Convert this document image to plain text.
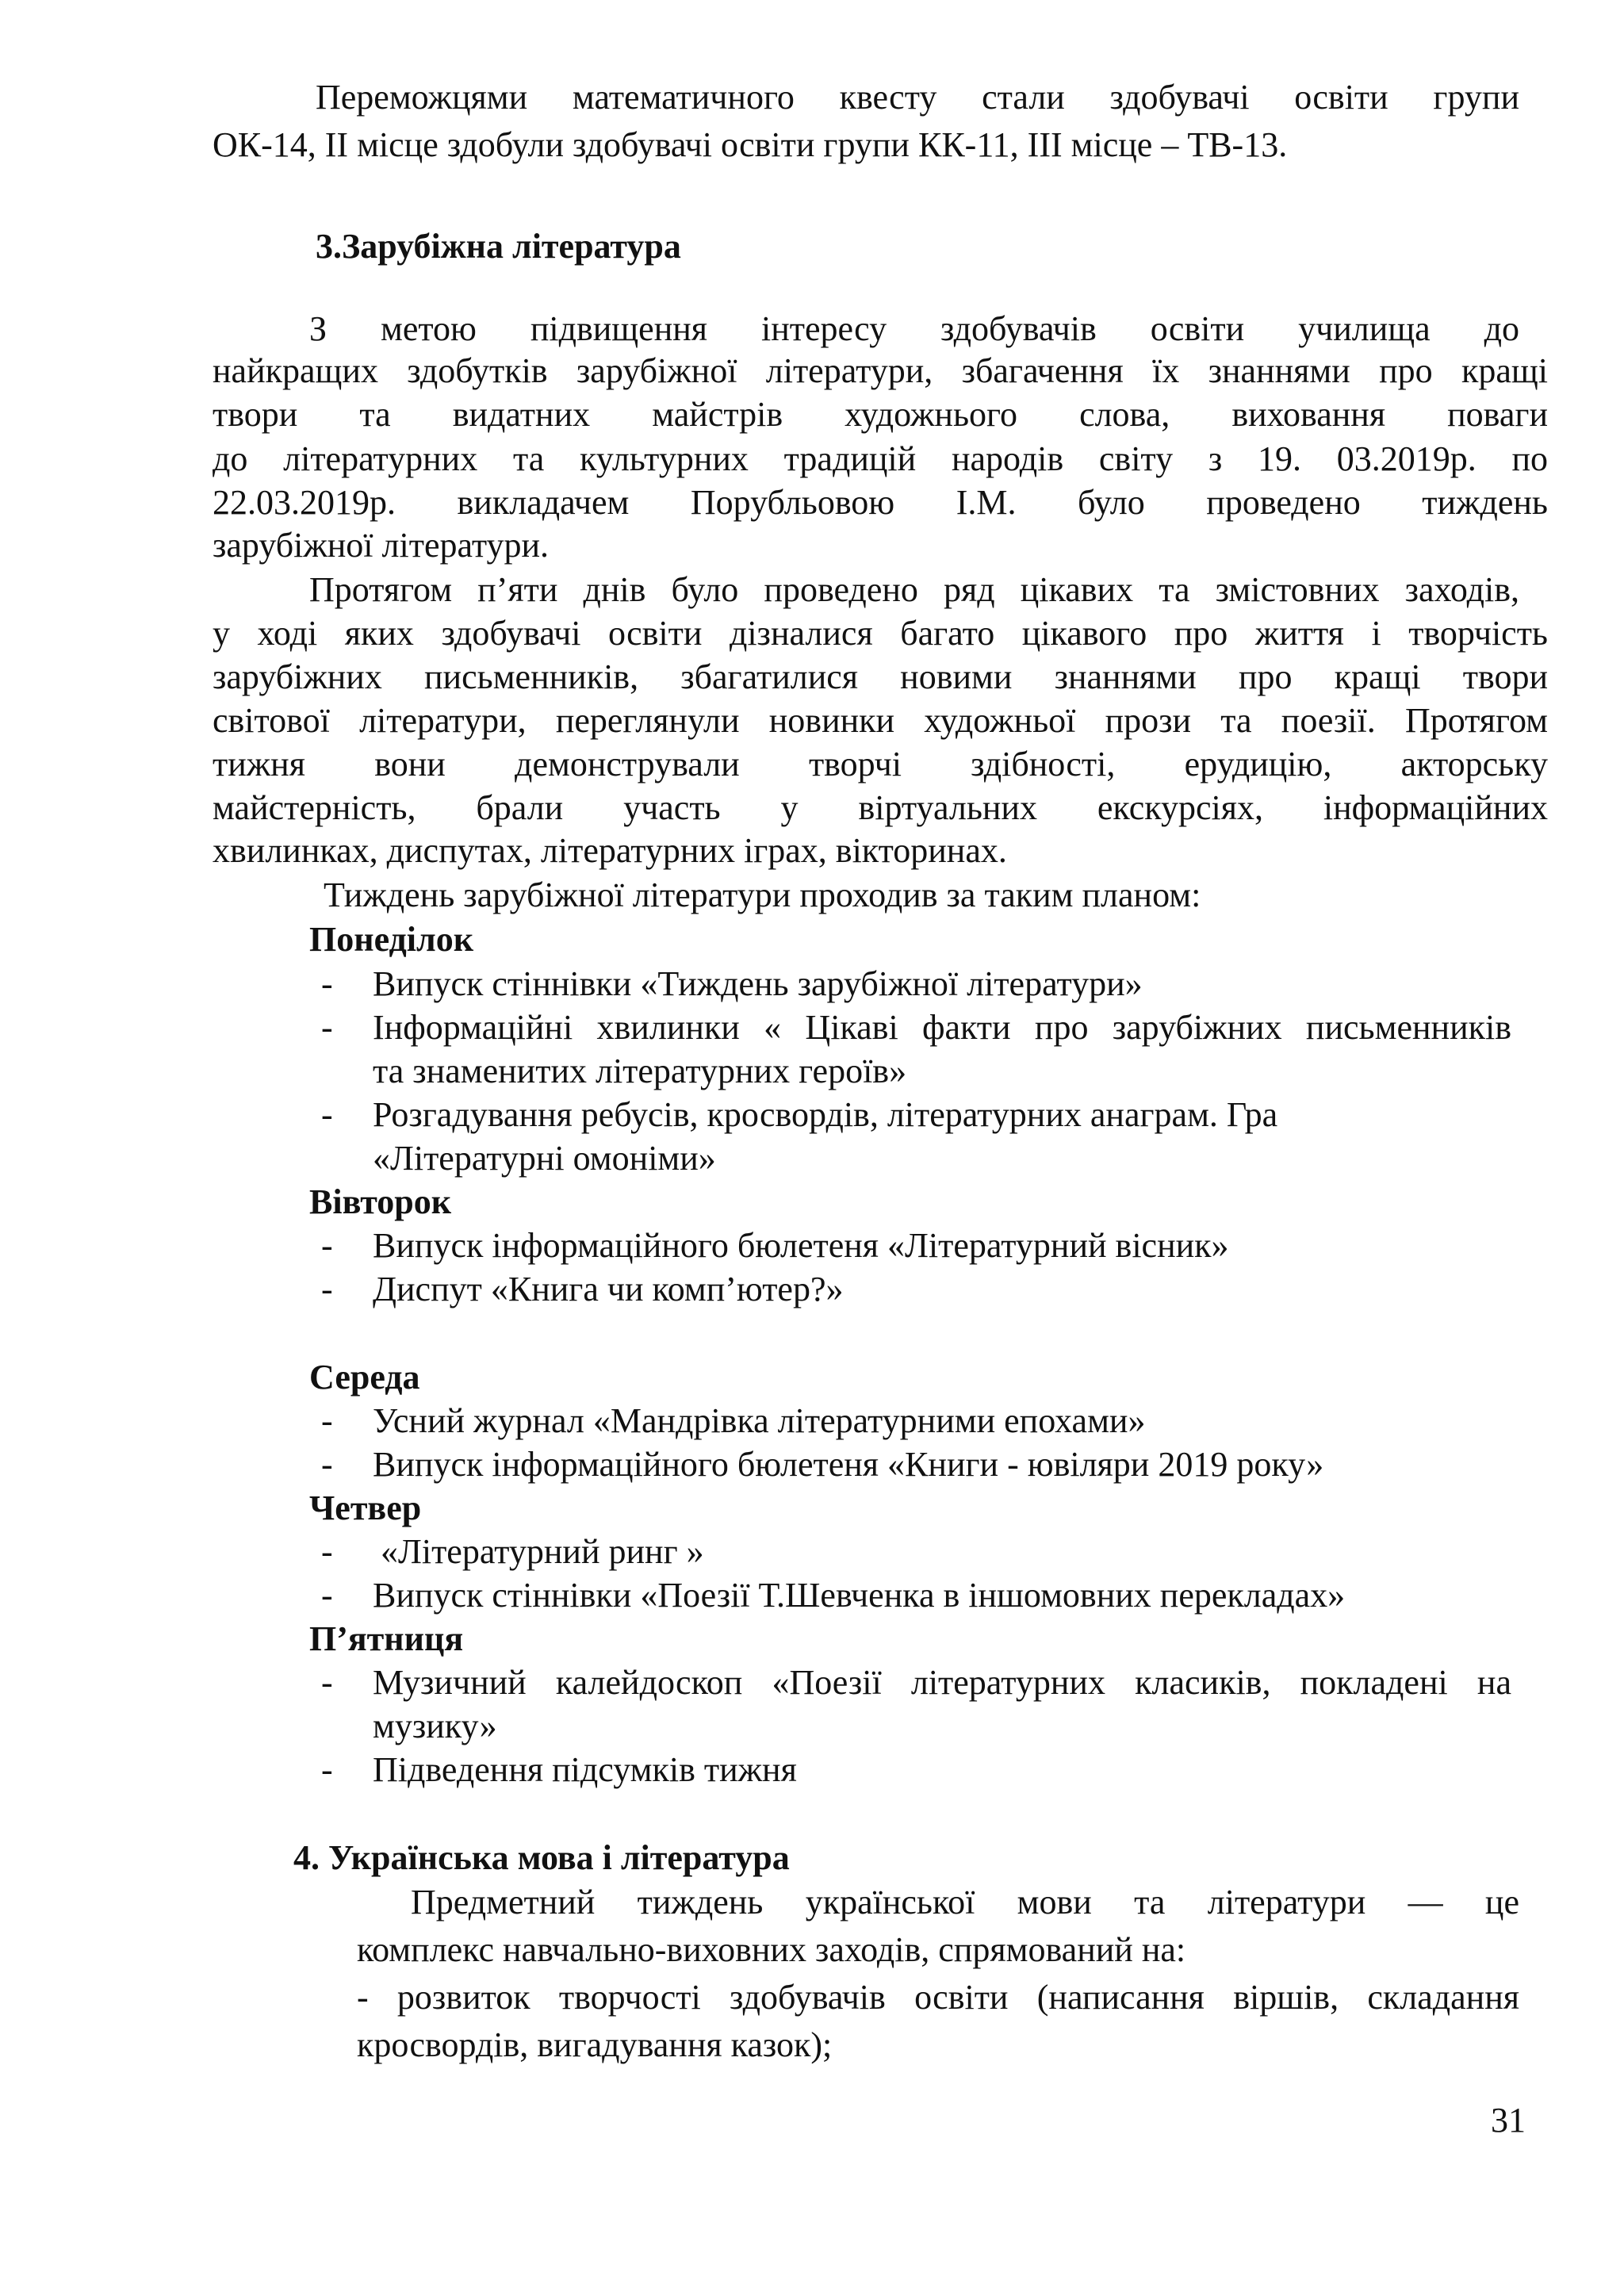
Переможцями математичного квесту стали здобувачі освіти групи
ОК-14, ІІ місце здобули здобувачі освіти групи КК-11, ІІІ місце – ТВ-13.
3.Зарубіжна література
З метою підвищення інтересу здобувачів освіти училища до
найкращих здобутків зарубіжної літератури, збагачення їх знаннями про кращі
твори та видатних майстрів художнього слова, виховання поваги
до літературних та культурних традицій народів світу з 19. 03.2019р. по
22.03.2019р. викладачем Порубльовою І.М. було проведено тиждень
зарубіжної літератури.
Протягом п’яти днів було проведено ряд цікавих та змістовних заходів,
у ході яких здобувачі освіти дізналися багато цікавого про життя і творчість
зарубіжних письменників, збагатилися новими знаннями про кращі твори
світової літератури, переглянули новинки художньої прози та поезії. Протягом
тижня вони демонстрували творчі здібності, ерудицію, акторську
майстерність, брали участь у віртуальних екскурсіях, інформаційних
хвилинках, диспутах, літературних іграх, вікторинах.
Тиждень зарубіжної літератури проходив за таким планом:
Понеділок
- Випуск стіннівки «Тиждень зарубіжної літератури»
- Інформаційні хвилинки « Цікаві факти про зарубіжних письменників
та знаменитих літературних героїв»
- Розгадування ребусів, кросвордів, літературних анаграм. Гра
«Літературні омоніми»
Вівторок
- Випуск інформаційного бюлетеня «Літературний вісник»
- Диспут «Книга чи комп’ютер?»
Середа
- Усний журнал «Мандрівка літературними епохами»
- Випуск інформаційного бюлетеня «Книги - ювіляри 2019 року»
Четвер
- «Літературний ринг »
- Випуск стіннівки «Поезії Т.Шевченка в іншомовних перекладах»
П’ятниця
- Музичний калейдоскоп «Поезії літературних класиків, покладені на
музику»
- Підведення підсумків тижня
4. Українська мова і література
Предметний тиждень української мови та літератури — це
комплекс навчально-виховних заходів, спрямований на:
- розвиток творчості здобувачів освіти (написання віршів, складання
кросвордів, вигадування казок);
31
